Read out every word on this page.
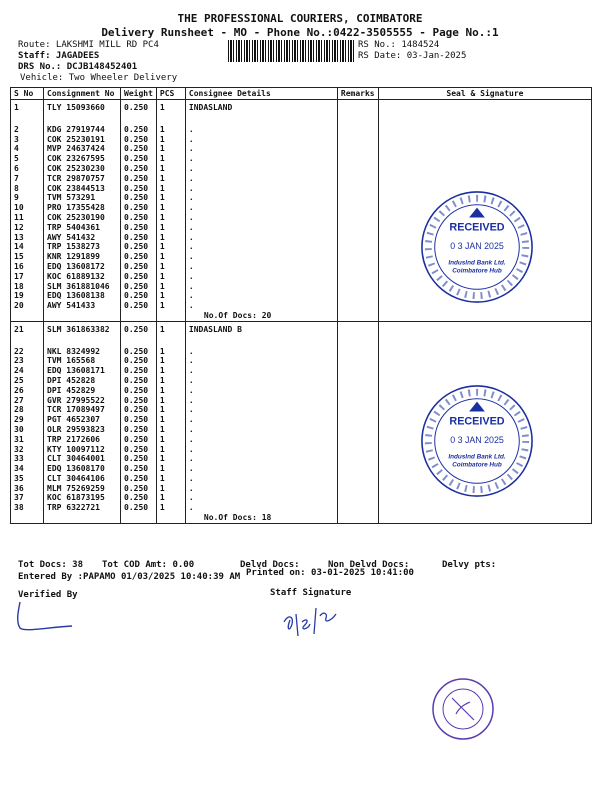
THE PROFESSIONAL COURIERS, COIMBATORE
Delivery Runsheet - MO - Phone No.:0422-3505555 - Page No.:1
Route: LAKSHMI MILL RD PC4
Staff: JAGADEES
DRS No.: DCJB148452401
Vehicle: Two Wheeler Delivery
RS No.: 1484524
RS Date: 03-Jan-2025
S No	Consignment No	Weight	PCS	Consignee Details	Remarks	Seal & Signature
1	TLY 15093660	0.250	1	INDASLAND		

2	KDG 27919744	0.250	1	.		
3	COK 25230191	0.250	1	.		
4	MVP 24637424	0.250	1	.		
5	COK 23267595	0.250	1	.		
6	COK 25230230	0.250	1	.		
7	TCR 29870757	0.250	1	.		
8	COK 23844513	0.250	1	.		
9	TVM 573291	0.250	1	.		
10	PRO 17355428	0.250	1	.		
11	COK 25230190	0.250	1	.		
12	TRP 5404361	0.250	1	.		
13	AWY 541432	0.250	1	.		
14	TRP 1538273	0.250	1	.		
15	KNR 1291899	0.250	1	.		
16	EDQ 13608172	0.250	1	.		
17	KOC 61889132	0.250	1	.		
18	SLM 361881046	0.250	1	.		
19	EDQ 13608138	0.250	1	.		
20	AWY 541433	0.250	1	.		
				No.Of Docs: 20		
21	SLM 361863382	0.250	1	INDASLAND B		

22	NKL 8324992	0.250	1	.		
23	TVM 165568	0.250	1	.		
24	EDQ 13608171	0.250	1	.		
25	DPI 452828	0.250	1	.		
26	DPI 452829	0.250	1	.		
27	GVR 27995522	0.250	1	.		
28	TCR 17089497	0.250	1	.		
29	PGT 4652307	0.250	1	.		
30	OLR 29593823	0.250	1	.		
31	TRP 2172606	0.250	1	.		
32	KTY 10097112	0.250	1	.		
33	CLT 30464001	0.250	1	.		
34	EDQ 13608170	0.250	1	.		
35	CLT 30464106	0.250	1	.		
36	MLM 75269259	0.250	1	.		
37	KOC 61873195	0.250	1	.		
38	TRP 6322721	0.250	1	.		
				No.Of Docs: 18		
RECEIVED
0 3 JAN 2025
IndusInd Bank Ltd.
Coimbatore Hub
RECEIVED
0 3 JAN 2025
IndusInd Bank Ltd.
Coimbatore Hub
Tot Docs: 38 Tot COD Amt: 0.00	Delvd Docs:	Non Delvd Docs:	Delvy pts:
Entered By :PAPAMO 01/03/2025 10:40:39 AM Printed on: 03-01-2025 10:41:00
Verified By	Staff Signature
